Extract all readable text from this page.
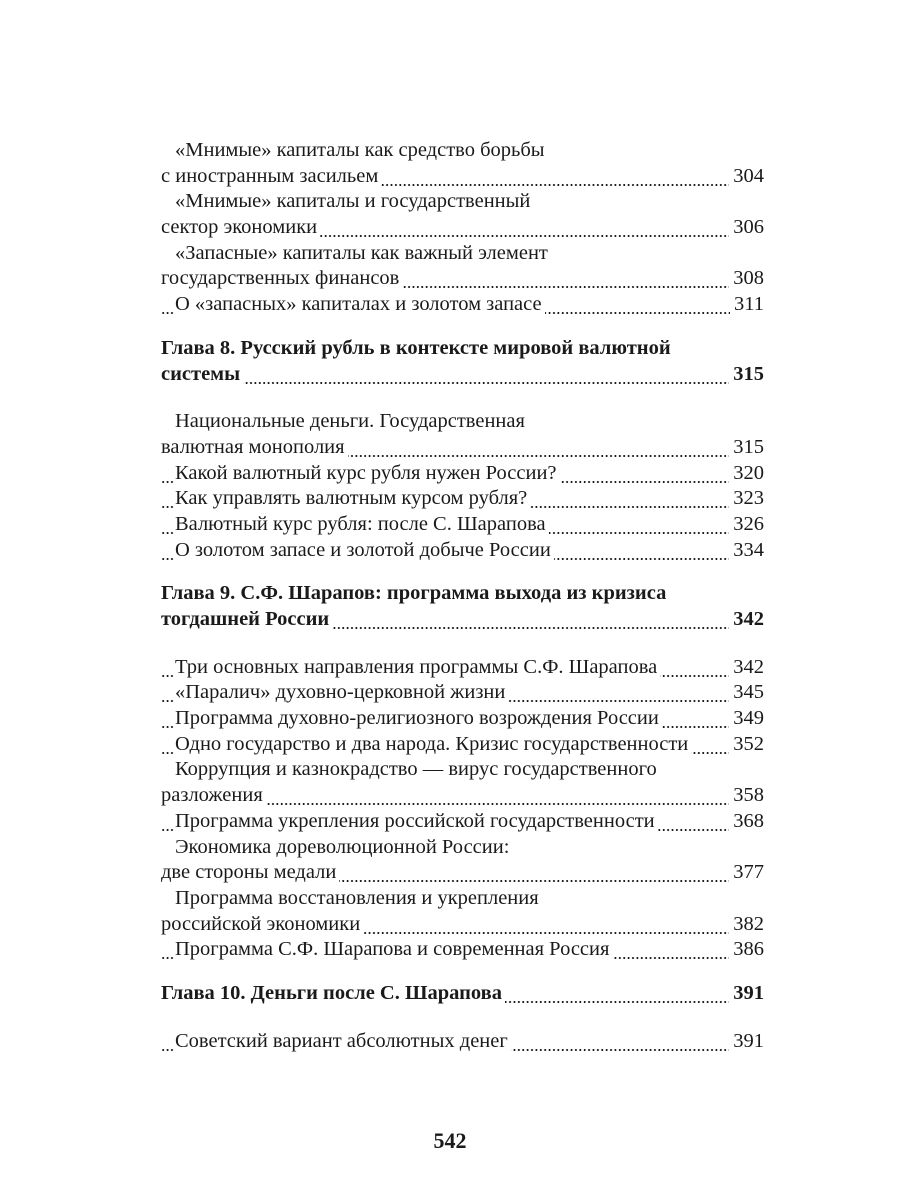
«Мнимые» капиталы как средство борьбы
с иностранным засильем	304
«Мнимые» капиталы и государственный
сектор экономики	306
«Запасные» капиталы как важный элемент
государственных финансов	308
О «запасных» капиталах и золотом запасе	311
Глава 8. Русский рубль в контексте мировой валютной
системы	315
Национальные деньги. Государственная
валютная монополия	315
Какой валютный курс рубля нужен России?	320
Как управлять валютным курсом рубля?	323
Валютный курс рубля: после С. Шарапова	326
О золотом запасе и золотой добыче России	334
Глава 9. С.Ф. Шарапов: программа выхода из кризиса
тогдашней России	342
Три основных направления программы С.Ф. Шарапова	342
«Паралич» духовно-церковной жизни	345
Программа духовно-религиозного возрождения России	349
Одно государство и два народа. Кризис государственности 352
Коррупция и казнокрадство — вирус государственного
разложения	358
Программа укрепления российской государственности	368
Экономика дореволюционной России:
две стороны медали	377
Программа восстановления и укрепления
российской экономики	382
Программа С.Ф. Шарапова и современная Россия	386
Глава 10. Деньги после С. Шарапова	391
Советский вариант абсолютных денег	391
542
